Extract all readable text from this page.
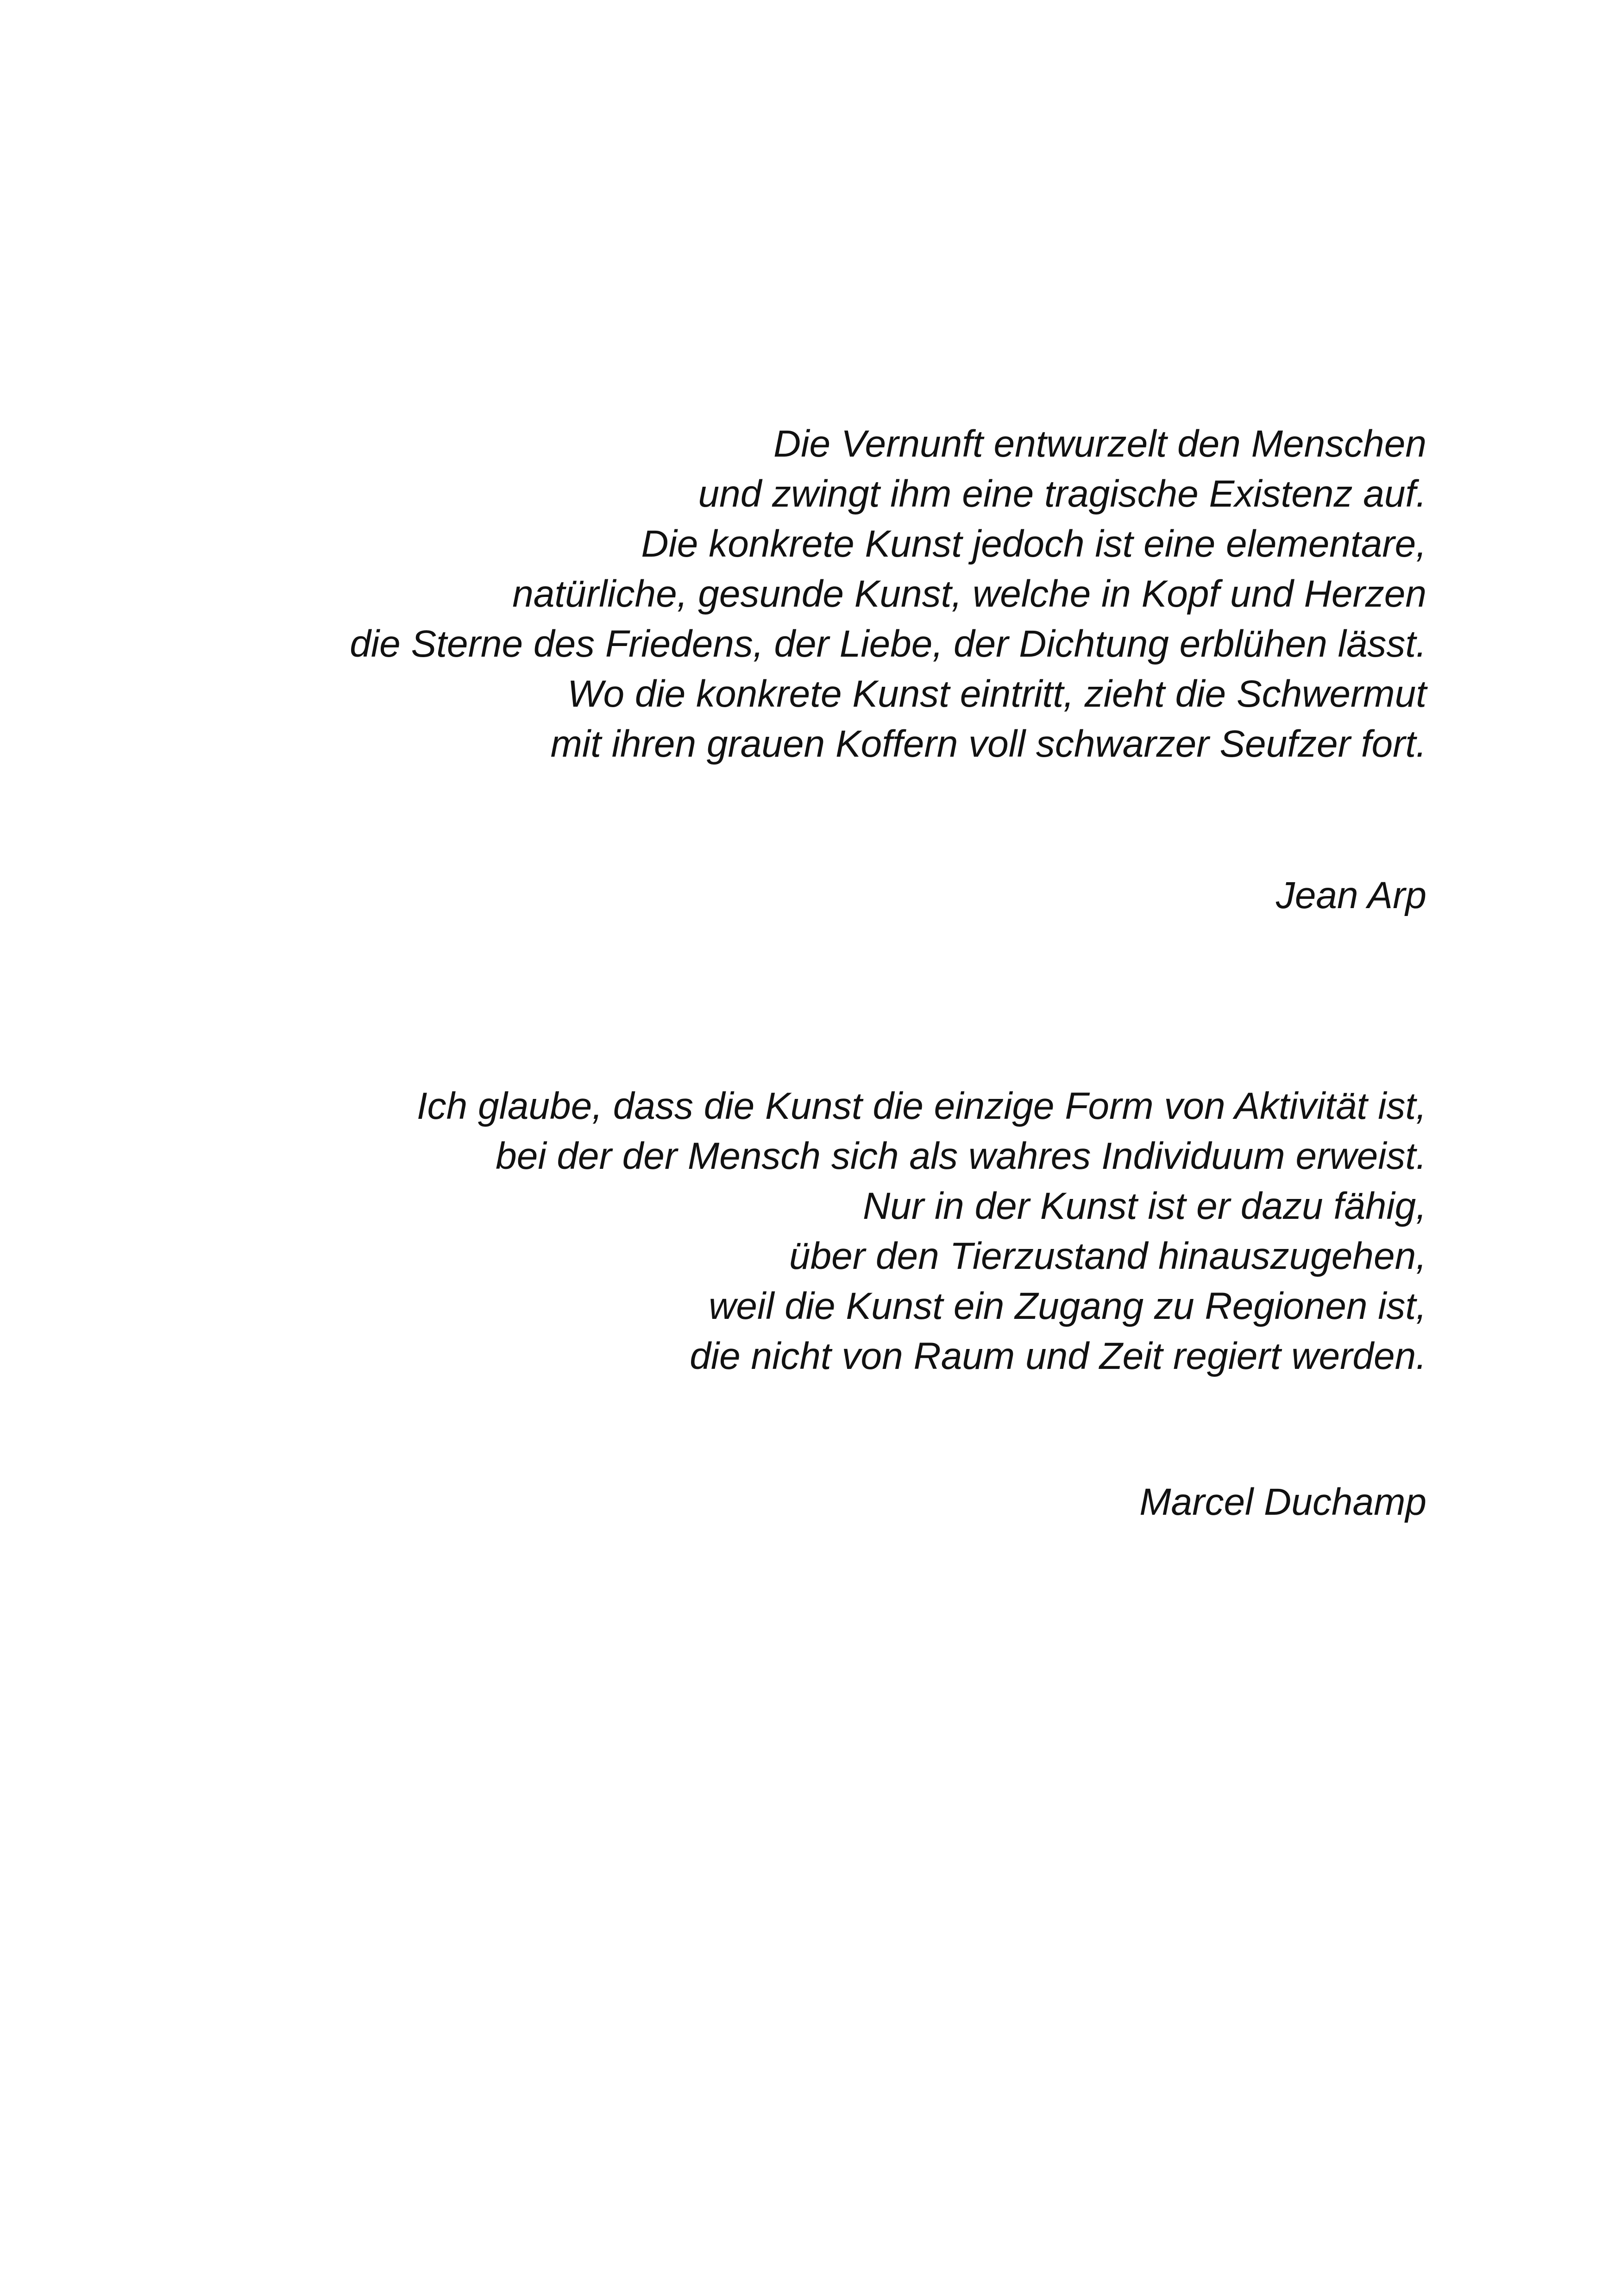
Die Vernunft entwurzelt den Menschen
und zwingt ihm eine tragische Existenz auf.
Die konkrete Kunst jedoch ist eine elementare,
natürliche, gesunde Kunst, welche in Kopf und Herzen
die Sterne des Friedens, der Liebe, der Dichtung erblühen lässt.
Wo die konkrete Kunst eintritt, zieht die Schwermut
mit ihren grauen Koffern voll schwarzer Seufzer fort.
Jean Arp
Ich glaube, dass die Kunst die einzige Form von Aktivität ist,
bei der der Mensch sich als wahres Individuum erweist.
Nur in der Kunst ist er dazu fähig,
über den Tierzustand hinauszugehen,
weil die Kunst ein Zugang zu Regionen ist,
die nicht von Raum und Zeit regiert werden.
Marcel Duchamp
